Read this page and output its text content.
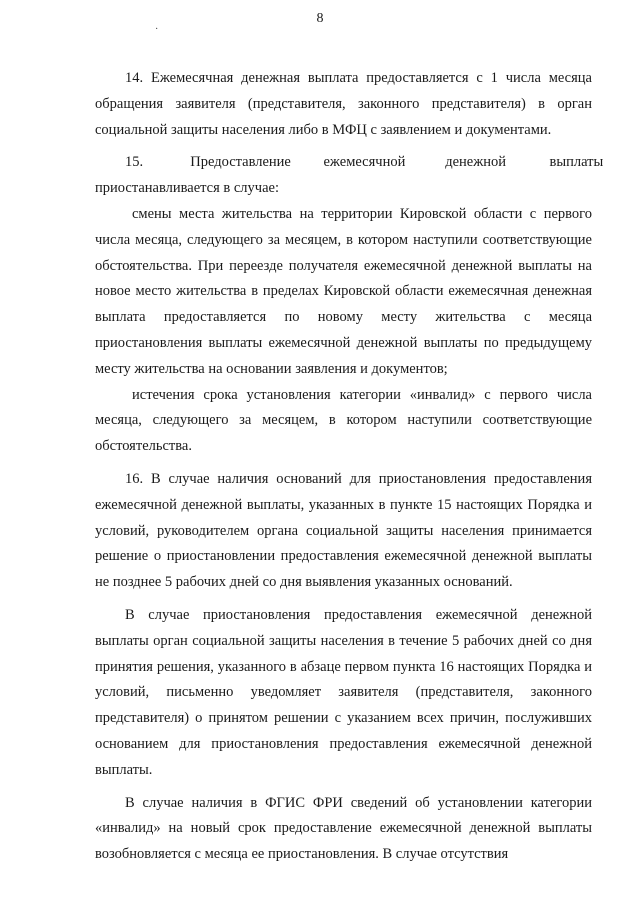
8

14. Ежемесячная денежная выплата предоставляется с 1 числа месяца обращения заявителя (представителя, законного представителя) в орган социальной защиты населения либо в МФЦ с заявлением и документами.

15.             Предоставление         ежемесячной           денежной            выплаты приостанавливается в случае:

смены места жительства на территории Кировской области с первого числа месяца, следующего за месяцем, в котором наступили соответствующие обстоятельства. При переезде получателя ежемесячной денежной выплаты на новое место жительства в пределах Кировской области ежемесячная денежная выплата предоставляется по новому месту жительства с месяца приостановления выплаты ежемесячной денежной выплаты по предыдущему месту жительства на основании заявления и документов;

истечения срока установления категории «инвалид» с первого числа месяца, следующего за месяцем, в котором наступили соответствующие обстоятельства.

16. В случае наличия оснований для приостановления предоставления ежемесячной денежной выплаты, указанных в пункте 15 настоящих Порядка и условий, руководителем органа социальной защиты населения принимается решение о приостановлении предоставления ежемесячной денежной выплаты не позднее 5 рабочих дней со дня выявления указанных оснований.

В случае приостановления предоставления ежемесячной денежной выплаты орган социальной защиты населения в течение 5 рабочих дней со дня принятия решения, указанного в абзаце первом пункта 16 настоящих Порядка и условий, письменно уведомляет заявителя (представителя, законного представителя) о принятом решении с указанием всех причин, послуживших основанием для приостановления предоставления ежемесячной денежной выплаты.

В случае наличия в ФГИС ФРИ сведений об установлении категории «инвалид» на новый срок предоставление ежемесячной денежной выплаты возобновляется с месяца ее приостановления. В случае отсутствия

·
